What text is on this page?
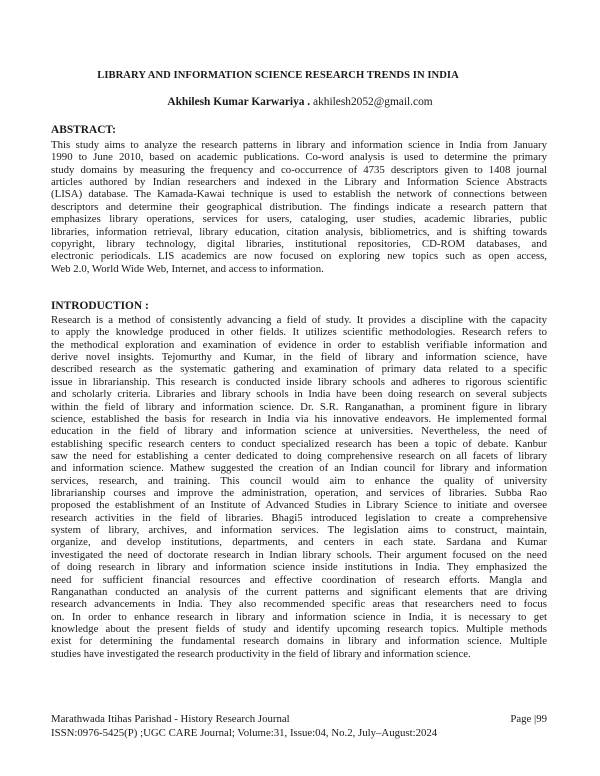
LIBRARY AND INFORMATION SCIENCE RESEARCH TRENDS IN INDIA
Akhilesh Kumar Karwariya . akhilesh2052@gmail.com
ABSTRACT:
This study aims to analyze the research patterns in library and information science in India from January
1990 to June 2010, based on academic publications. Co-word analysis is used to determine the primary
study domains by measuring the frequency and co-occurrence of 4735 descriptors given to 1408 journal
articles authored by Indian researchers and indexed in the Library and Information Science Abstracts
(LISA) database. The Kamada-Kawai technique is used to establish the network of connections between
descriptors and determine their geographical distribution. The findings indicate a research pattern that
emphasizes library operations, services for users, cataloging, user studies, academic libraries, public
libraries, information retrieval, library education, citation analysis, bibliometrics, and is shifting towards
copyright, library technology, digital libraries, institutional repositories, CD-ROM databases, and
electronic periodicals. LIS academics are now focused on exploring new topics such as open access,
Web 2.0, World Wide Web, Internet, and access to information.
INTRODUCTION :
Research is a method of consistently advancing a field of study. It provides a discipline with the capacity
to apply the knowledge produced in other fields. It utilizes scientific methodologies. Research refers to
the methodical exploration and examination of evidence in order to establish verifiable information and
derive novel insights. Tejomurthy and Kumar, in the field of library and information science, have
described research as the systematic gathering and examination of primary data related to a specific
issue in librarianship. This research is conducted inside library schools and adheres to rigorous scientific
and scholarly criteria. Libraries and library schools in India have been doing research on several subjects
within the field of library and information science. Dr. S.R. Ranganathan, a prominent figure in library
science, established the basis for research in India via his innovative endeavors. He implemented formal
education in the field of library and information science at universities. Nevertheless, the need of
establishing specific research centers to conduct specialized research has been a topic of debate. Kanbur
saw the need for establishing a center dedicated to doing comprehensive research on all facets of library
and information science. Mathew suggested the creation of an Indian council for library and information
services, research, and training. This council would aim to enhance the quality of university
librarianship courses and improve the administration, operation, and services of libraries. Subba Rao
proposed the establishment of an Institute of Advanced Studies in Library Science to initiate and oversee
research activities in the field of libraries. Bhagi5 introduced legislation to create a comprehensive
system of library, archives, and information services. The legislation aims to construct, maintain,
organize, and develop institutions, departments, and centers in each state. Sardana and Kumar
investigated the need of doctorate research in Indian library schools. Their argument focused on the need
of doing research in library and information science inside institutions in India. They emphasized the
need for sufficient financial resources and effective coordination of research efforts. Mangla and
Ranganathan conducted an analysis of the current patterns and significant elements that are driving
research advancements in India. They also recommended specific areas that researchers need to focus
on. In order to enhance research in library and information science in India, it is necessary to get
knowledge about the present fields of study and identify upcoming research topics. Multiple methods
exist for determining the fundamental research domains in library and information science. Multiple
studies have investigated the research productivity in the field of library and information science.
Marathwada Itihas Parishad - History Research Journal	Page |99
ISSN:0976-5425(P) ;UGC CARE Journal; Volume:31, Issue:04, No.2, July–August:2024
